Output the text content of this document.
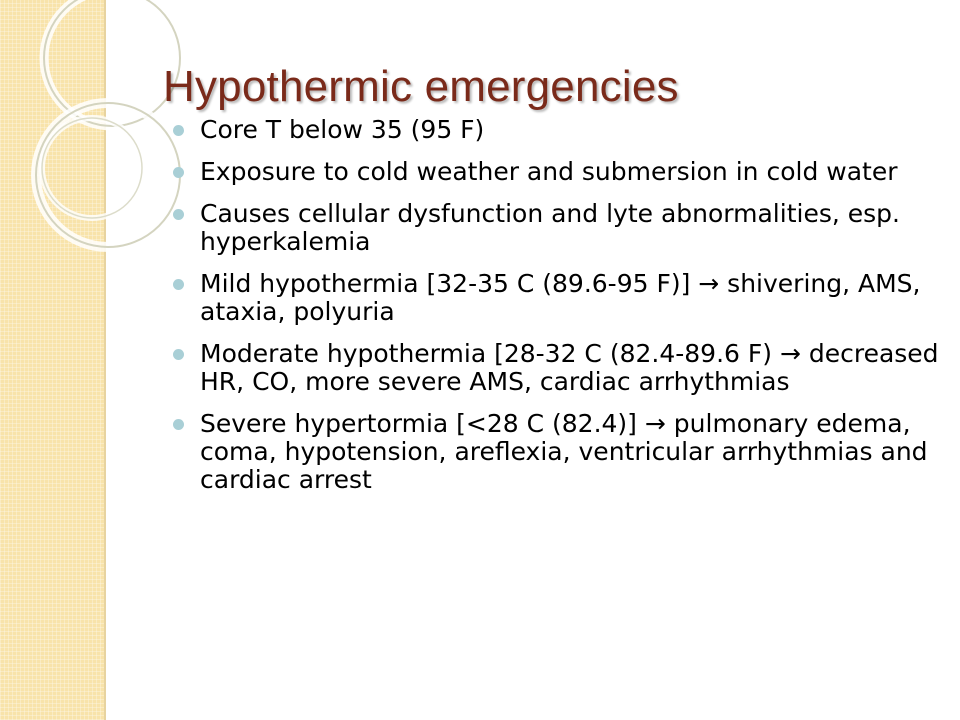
Hypothermic emergencies
Core T below 35 (95 F)
Exposure to cold weather and submersion in cold water
Causes cellular dysfunction and lyte abnormalities, esp. hyperkalemia
Mild hypothermia [32-35 C (89.6-95 F)] → shivering, AMS, ataxia, polyuria
Moderate hypothermia [28-32 C (82.4-89.6 F) → decreased HR, CO, more severe AMS, cardiac arrhythmias
Severe hypertormia [<28 C (82.4)] → pulmonary edema, coma, hypotension, areflexia, ventricular arrhythmias and cardiac arrest
